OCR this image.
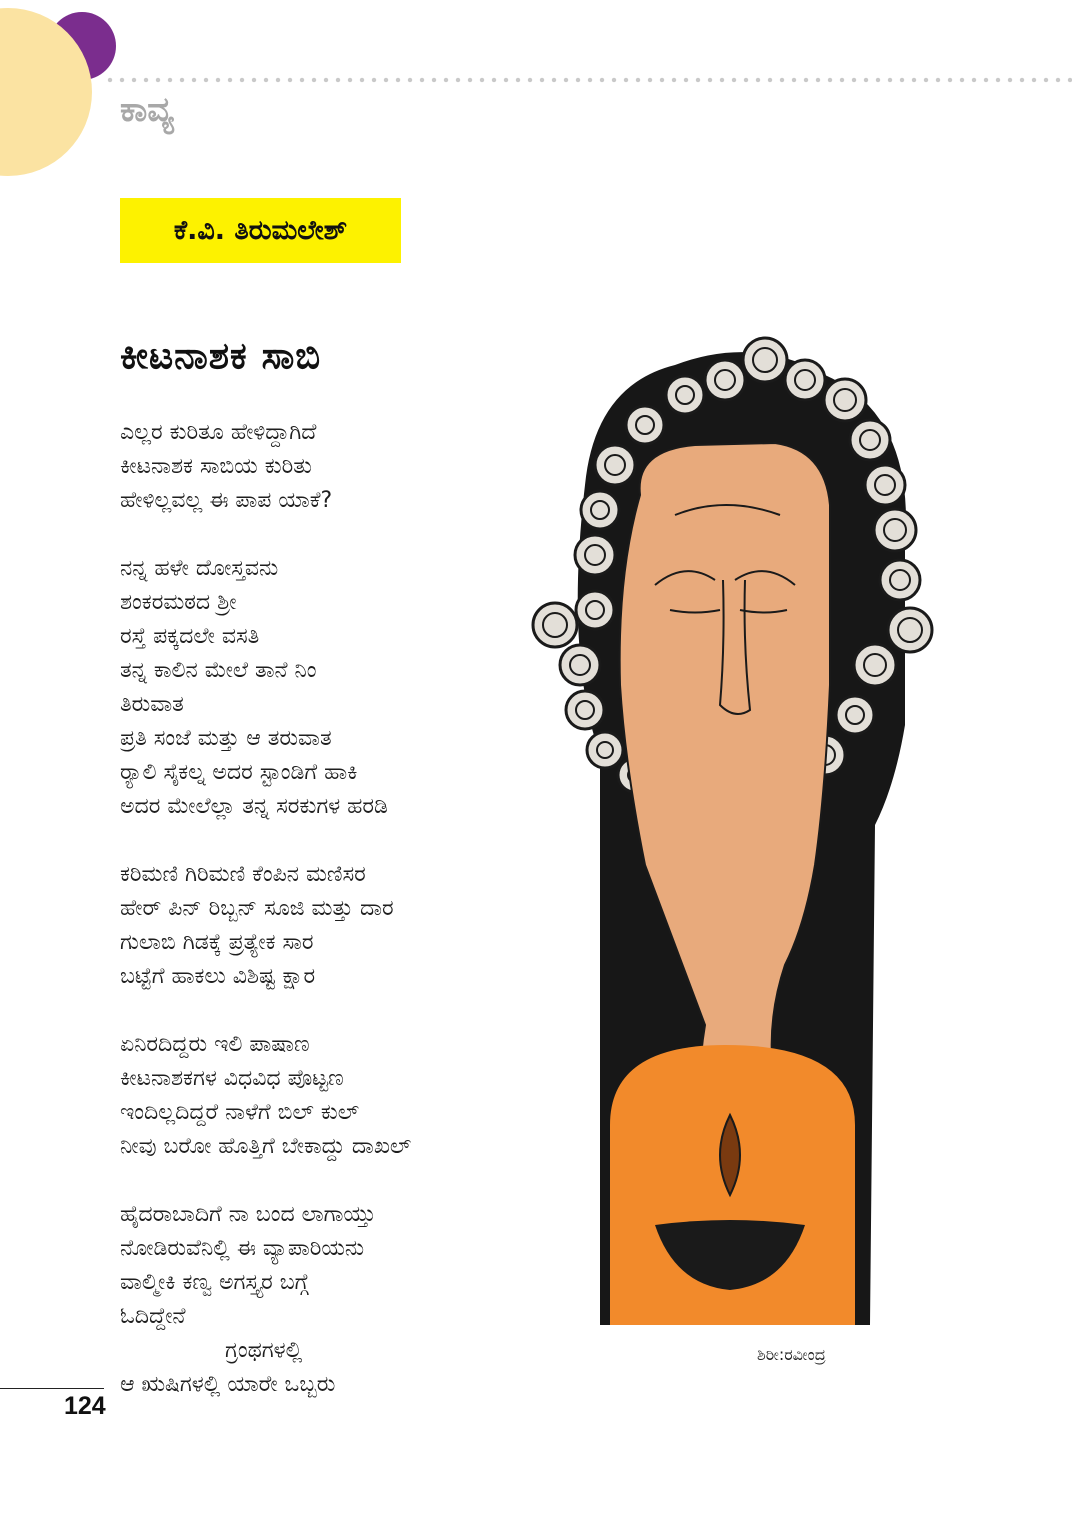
ಕಾವ್ಯ
ಕೆ.ವಿ. ತಿರುಮಲೇಶ್
ಕೀಟನಾಶಕ ಸಾಬಿ
ಎಲ್ಲರ ಕುರಿತೂ ಹೇಳಿದ್ದಾಗಿದೆ
ಕೀಟನಾಶಕ ಸಾಬಿಯ ಕುರಿತು
ಹೇಳಿಲ್ಲವಲ್ಲ ಈ ಪಾಪ ಯಾಕೆ?
ನನ್ನ ಹಳೇ ದೋಸ್ತವನು
ಶಂಕರಮಠದ ಶ್ರೀ
ರಸ್ತೆ ಪಕ್ಕದಲೇ ವಸತಿ
ತನ್ನ ಕಾಲಿನ ಮೇಲೆ ತಾನೆ ನಿಂ
ತಿರುವಾತ
ಪ್ರತಿ ಸಂಜೆ ಮತ್ತು ಆ ತರುವಾತ
ರ್‍ಯಾಲಿ ಸೈಕಲ್ನ ಅದರ ಸ್ಟಾಂಡಿಗೆ ಹಾಕಿ
ಅದರ ಮೇಲೆಲ್ಲಾ ತನ್ನ ಸರಕುಗಳ ಹರಡಿ
ಕರಿಮಣಿ ಗಿರಿಮಣಿ ಕೆಂಪಿನ ಮಣಿಸರ
ಹೇರ್ ಪಿನ್ ರಿಬ್ಬನ್ ಸೂಜಿ ಮತ್ತು ದಾರ
ಗುಲಾಬಿ ಗಿಡಕ್ಕೆ ಪ್ರತ್ಯೇಕ ಸಾರ
ಬಟ್ಟೆಗೆ ಹಾಕಲು ವಿಶಿಷ್ಟ ಕ್ಷಾರ
ಏನಿರದಿದ್ದರು ಇಲಿ ಪಾಷಾಣ
ಕೀಟನಾಶಕಗಳ ವಿಧವಿಧ ಪೊಟ್ಟಣ
ಇಂದಿಲ್ಲದಿದ್ದರೆ ನಾಳೆಗೆ ಬಿಲ್ ಕುಲ್
ನೀವು ಬರೋ ಹೊತ್ತಿಗೆ ಬೇಕಾದ್ದು ದಾಖಲ್
ಹೈದರಾಬಾದಿಗೆ ನಾ ಬಂದ ಲಾಗಾಯ್ತು
ನೋಡಿರುವೆನಿಲ್ಲಿ ಈ ವ್ಯಾಪಾರಿಯನು
ವಾಲ್ಮೀಕಿ ಕಣ್ವ ಅಗಸ್ತ್ಯರ ಬಗ್ಗೆ
ಓದಿದ್ದೇನೆ
ಗ್ರಂಥಗಳಲ್ಲಿ
ಆ ಋಷಿಗಳಲ್ಲಿ ಯಾರೇ ಒಬ್ಬರು
ಶಿರೀ:ರವೀಂದ್ರ
124
